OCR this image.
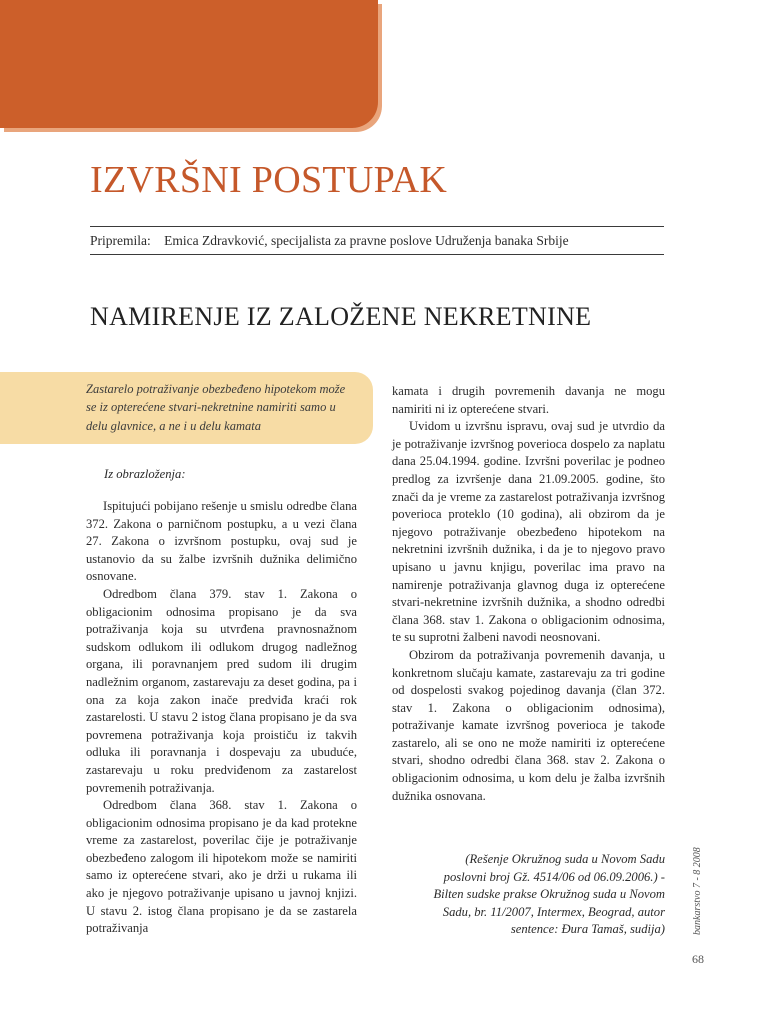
sudska praksa
IZVRŠNI POSTUPAK
Pripremila: Emica Zdravković, specijalista za pravne poslove Udruženja banaka Srbije
NAMIRENJE IZ ZALOŽENE NEKRETNINE
Zastarelo potraživanje obezbeđeno hipotekom može se iz opterećene stvari-nekretnine namiriti samo u delu glavnice, a ne i u delu kamata
Iz obrazloženja:

Ispitujući pobijano rešenje u smislu odredbe člana 372. Zakona o parničnom postupku, a u vezi člana 27. Zakona o izvršnom postupku, ovaj sud je ustanovio da su žalbe izvršnih dužnika delimično osnovane.

Odredbom člana 379. stav 1. Zakona o obligacionim odnosima propisano je da sva potraživanja koja su utvrđena pravnosnažnom sudskom odlukom ili odlukom drugog nadležnog organa, ili poravnanjem pred sudom ili drugim nadležnim organom, zastarevaju za deset godina, pa i ona za koja zakon inače predviđa kraći rok zastarelosti. U stavu 2 istog člana propisano je da sva povremena potraživanja koja proističu iz takvih odluka ili poravnanja i dospevaju za ubuduće, zastarevaju u roku predviđenom za zastarelost povremenih potraživanja.

Odredbom člana 368. stav 1. Zakona o obligacionim odnosima propisano je da kad protekne vreme za zastarelost, poverilac čije je potraživanje obezbeđeno zalogom ili hipotekom može se namiriti samo iz opterećene stvari, ako je drži u rukama ili ako je njegovo potraživanje upisano u javnoj knjizi. U stavu 2. istog člana propisano je da se zastarela potraživanja

kamata i drugih povremenih davanja ne mogu namiriti ni iz opterećene stvari.

Uvidom u izvršnu ispravu, ovaj sud je utvrdio da je potraživanje izvršnog poverioca dospelo za naplatu dana 25.04.1994. godine. Izvršni poverilac je podneo predlog za izvršenje dana 21.09.2005. godine, što znači da je vreme za zastarelost potraživanja izvršnog poverioca proteklo (10 godina), ali obzirom da je njegovo potraživanje obezbeđeno hipotekom na nekretnini izvršnih dužnika, i da je to njegovo pravo upisano u javnu knjigu, poverilac ima pravo na namirenje potraživanja glavnog duga iz opterećene stvari-nekretnine izvršnih dužnika, a shodno odredbi člana 368. stav 1. Zakona o obligacionim odnosima, te su suprotni žalbeni navodi neosnovani.

Obzirom da potraživanja povremenih davanja, u konkretnom slučaju kamate, zastarevaju za tri godine od dospelosti svakog pojedinog davanja (član 372. stav 1. Zakona o obligacionim odnosima), potraživanje kamate izvršnog poverioca je takođe zastarelo, ali se ono ne može namiriti iz opterećene stvari, shodno odredbi člana 368. stav 2. Zakona o obligacionim odnosima, u kom delu je žalba izvršnih dužnika osnovana.

(Rešenje Okružnog suda u Novom Sadu poslovni broj Gž. 4514/06 od 06.09.2006.) - Bilten sudske prakse Okružnog suda u Novom Sadu, br. 11/2007, Intermex, Beograd, autor sentence: Đura Tamaš, sudija)	bankarstvo 7 - 8 2008
68
